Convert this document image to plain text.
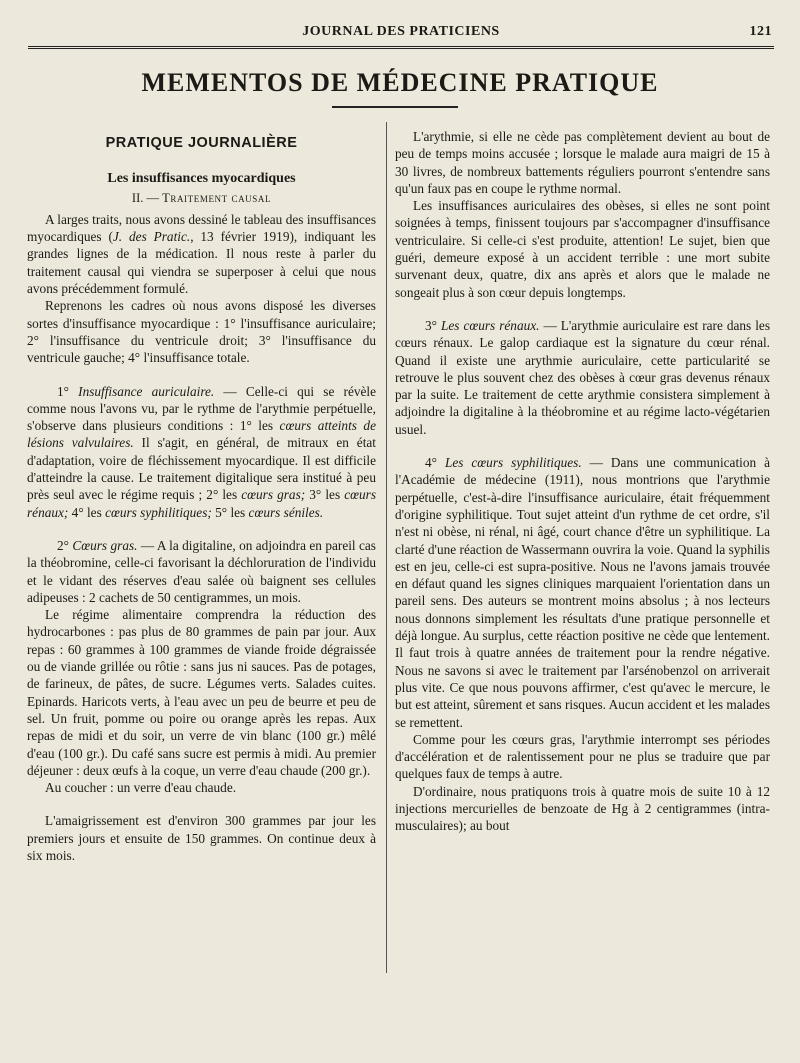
JOURNAL DES PRATICIENS	121
MEMENTOS DE MÉDECINE PRATIQUE
PRATIQUE JOURNALIÈRE
Les insuffisances myocardiques
II. — Traitement causal

A larges traits, nous avons dessiné le tableau des insuffisances myocardiques (J. des Pratic., 13 février 1919), indiquant les grandes lignes de la médication. Il nous reste à parler du traitement causal qui viendra se superposer à celui que nous avons précédemment formulé.

Reprenons les cadres où nous avons disposé les diverses sortes d'insuffisance myocardique : 1° l'insuffisance auriculaire; 2° l'insuffisance du ventricule droit; 3° l'insuffisance du ventricule gauche; 4° l'insuffisance totale.

1° Insuffisance auriculaire. — Celle-ci qui se révèle comme nous l'avons vu, par le rythme de l'arythmie perpétuelle, s'observe dans plusieurs conditions : 1° les cœurs atteints de lésions valvulaires. Il s'agit, en général, de mitraux en état d'adaptation, voire de fléchissement myocardique. Il est difficile d'atteindre la cause. Le traitement digitalique sera institué à peu près seul avec le régime requis ; 2° les cœurs gras; 3° les cœurs rénaux; 4° les cœurs syphilitiques; 5° les cœurs séniles.

2° Cœurs gras. — A la digitaline, on adjoindra en pareil cas la théobromine, celle-ci favorisant la déchloruration de l'individu et le vidant des réserves d'eau salée où baignent ses cellules adipeuses : 2 cachets de 50 centigrammes, un mois.

Le régime alimentaire comprendra la réduction des hydrocarbones : pas plus de 80 grammes de pain par jour. Aux repas : 60 grammes à 100 grammes de viande froide dégraissée ou de viande grillée ou rôtie : sans jus ni sauces. Pas de potages, de farineux, de pâtes, de sucre. Légumes verts. Salades cuites. Epinards. Haricots verts, à l'eau avec un peu de beurre et peu de sel. Un fruit, pomme ou poire ou orange après les repas. Aux repas de midi et du soir, un verre de vin blanc (100 gr.) mêlé d'eau (100 gr.). Du café sans sucre est permis à midi. Au premier déjeuner : deux œufs à la coque, un verre d'eau chaude (200 gr.).

Au coucher : un verre d'eau chaude.

L'amaigrissement est d'environ 300 grammes par jour les premiers jours et ensuite de 150 grammes. On continue deux à six mois.

L'arythmie, si elle ne cède pas complètement devient au bout de peu de temps moins accusée ; lorsque le malade aura maigri de 15 à 30 livres, de nombreux battements réguliers pourront s'entendre sans qu'un faux pas en coupe le rythme normal.

Les insuffisances auriculaires des obèses, si elles ne sont point soignées à temps, finissent toujours par s'accompagner d'insuffisance ventriculaire. Si celle-ci s'est produite, attention! Le sujet, bien que guéri, demeure exposé à un accident terrible : une mort subite survenant deux, quatre, dix ans après et alors que le malade ne songeait plus à son cœur depuis longtemps.

3° Les cœurs rénaux. — L'arythmie auriculaire est rare dans les cœurs rénaux. Le galop cardiaque est la signature du cœur rénal. Quand il existe une arythmie auriculaire, cette particularité se retrouve le plus souvent chez des obèses à cœur gras devenus rénaux par la suite. Le traitement de cette arythmie consistera simplement à adjoindre la digitaline à la théobromine et au régime lacto-végétarien usuel.

4° Les cœurs syphilitiques. — Dans une communication à l'Académie de médecine (1911), nous montrions que l'arythmie perpétuelle, c'est-à-dire l'insuffisance auriculaire, était fréquemment d'origine syphilitique. Tout sujet atteint d'un rythme de cet ordre, s'il n'est ni obèse, ni rénal, ni âgé, court chance d'être un syphilitique. La clarté d'une réaction de Wassermann ouvrira la voie. Quand la syphilis est en jeu, celle-ci est supra-positive. Nous ne l'avons jamais trouvée en défaut quand les signes cliniques marquaient l'orientation dans un pareil sens. Des auteurs se montrent moins absolus ; à nos lecteurs nous donnons simplement les résultats d'une pratique personnelle et déjà longue. Au surplus, cette réaction positive ne cède que lentement. Il faut trois à quatre années de traitement pour la rendre négative. Nous ne savons si avec le traitement par l'arsénobenzol on arriverait plus vite. Ce que nous pouvons affirmer, c'est qu'avec le mercure, le but est atteint, sûrement et sans risques. Aucun accident et les malades se remettent.

Comme pour les cœurs gras, l'arythmie interrompt ses périodes d'accélération et de ralentissement pour ne plus se traduire que par quelques faux de temps à autre.

D'ordinaire, nous pratiquons trois à quatre mois de suite 10 à 12 injections mercurielles de benzoate de Hg à 2 centigrammes (intra-musculaires); au bout
